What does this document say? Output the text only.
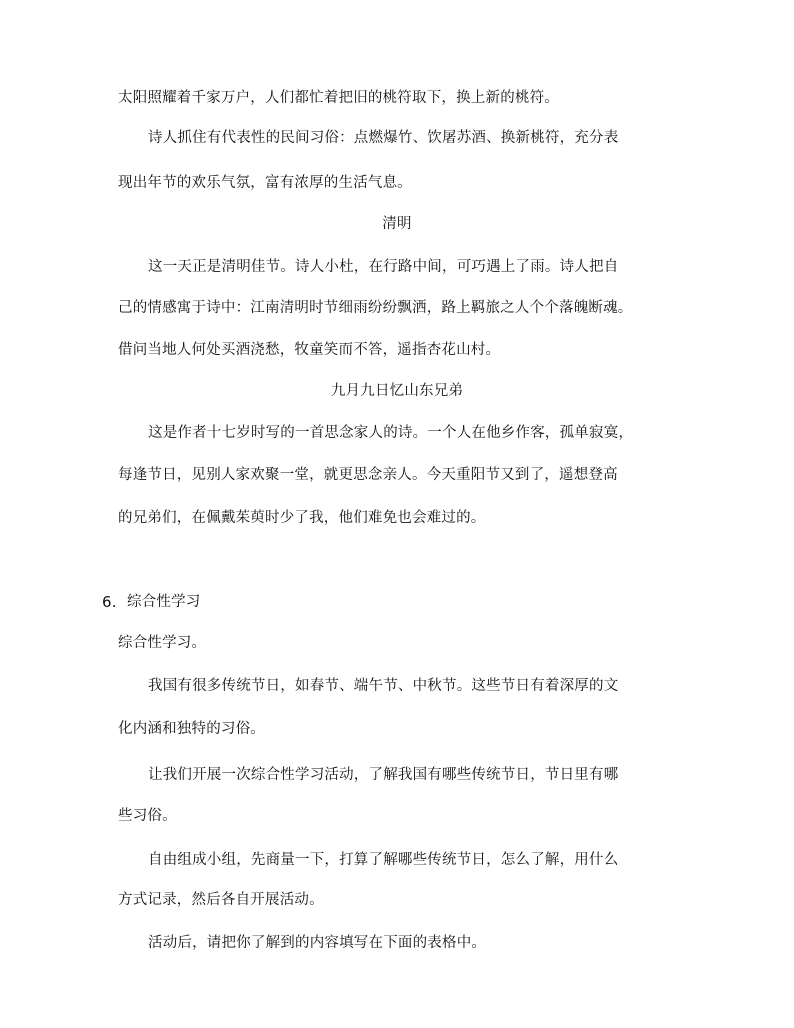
太阳照耀着千家万户，人们都忙着把旧的桃符取下，换上新的桃符。
诗人抓住有代表性的民间习俗：点燃爆竹、饮屠苏酒、换新桃符，充分表
现出年节的欢乐气氛，富有浓厚的生活气息。
清明
这一天正是清明佳节。诗人小杜，在行路中间，可巧遇上了雨。诗人把自
己的情感寓于诗中：江南清明时节细雨纷纷飘洒，路上羁旅之人个个落魄断魂。
借问当地人何处买酒浇愁，牧童笑而不答，遥指杏花山村。
九月九日忆山东兄弟
这是作者十七岁时写的一首思念家人的诗。一个人在他乡作客，孤单寂寞，
每逢节日，见别人家欢聚一堂，就更思念亲人。今天重阳节又到了，遥想登高
的兄弟们，在佩戴茱萸时少了我，他们难免也会难过的。
6. 综合性学习
综合性学习。
我国有很多传统节日，如春节、端午节、中秋节。这些节日有着深厚的文
化内涵和独特的习俗。
让我们开展一次综合性学习活动，了解我国有哪些传统节日，节日里有哪
些习俗。
自由组成小组，先商量一下，打算了解哪些传统节日，怎么了解，用什么
方式记录，然后各自开展活动。
活动后，请把你了解到的内容填写在下面的表格中。
